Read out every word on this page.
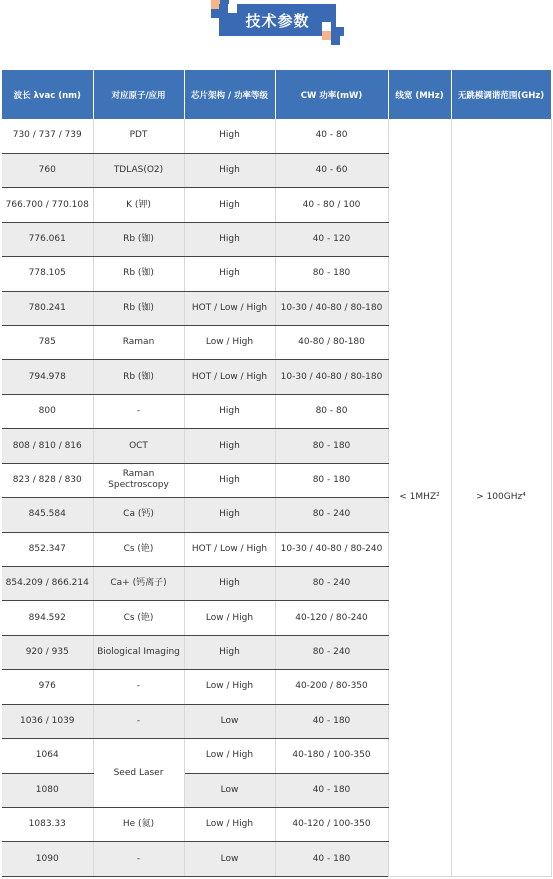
技术参数
波长 λvac (nm)	对应原子/应用	芯片架构 / 功率等级	CW 功率(mW)	线宽 (MHz)	无跳模调谐范围(GHz)
730 / 737 / 739	PDT	High	40 - 80	< 1MHZ²	> 100GHz⁴
760	TDLAS(O2)	High	40 - 60		
766.700 / 770.108	K (钾)	High	40 - 80 / 100		
776.061	Rb (铷)	High	40 - 120		
778.105	Rb (铷)	High	80 - 180		
780.241	Rb (铷)	HOT / Low / High	10-30 / 40-80 / 80-180		
785	Raman	Low / High	40-80 / 80-180		
794.978	Rb (铷)	HOT / Low / High	10-30 / 40-80 / 80-180		
800	-	High	80 - 80		
808 / 810 / 816	OCT	High	80 - 180		
823 / 828 / 830	Raman Spectroscopy	High	80 - 180		
845.584	Ca (钙)	High	80 - 240		
852.347	Cs (铯)	HOT / Low / High	10-30 / 40-80 / 80-240		
854.209 / 866.214	Ca+ (钙离子)	High	80 - 240		
894.592	Cs (铯)	Low / High	40-120 / 80-240		
920 / 935	Biological Imaging	High	80 - 240		
976	-	Low / High	40-200 / 80-350		
1036 / 1039	-	Low	40 - 180		
1064	Seed Laser	Low / High	40-180 / 100-350		
1080		Low	40 - 180		
1083.33	He (氦)	Low / High	40-120 / 100-350		
1090	-	Low	40 - 180		
